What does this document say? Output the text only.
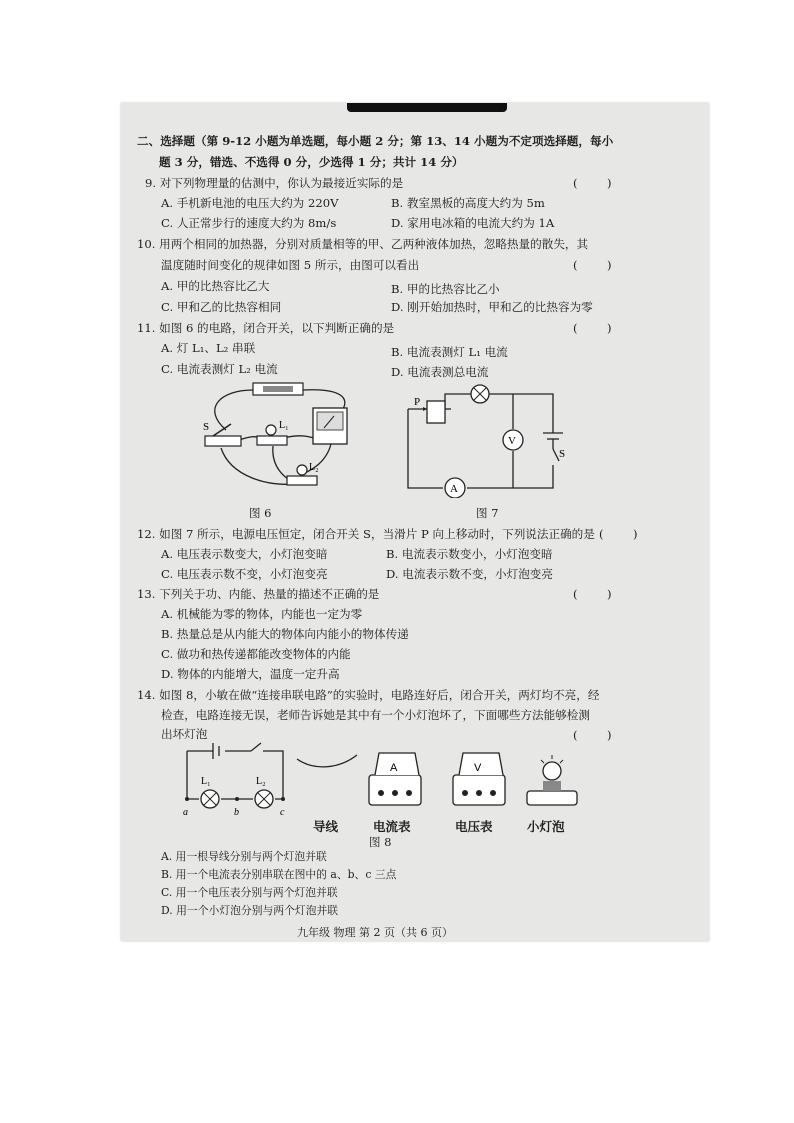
二、选择题（第 9-12 小题为单选题，每小题 2 分；第 13、14 小题为不定项选择题，每小
题 3 分，错选、不选得 0 分，少选得 1 分；共计 14 分）
9. 对下列物理量的估测中，你认为最接近实际的是	(        )
A. 手机新电池的电压大约为 220V	B. 教室黑板的高度大约为 5m
C. 人正常步行的速度大约为 8m/s	D. 家用电冰箱的电流大约为 1A
10. 用两个相同的加热器，分别对质量相等的甲、乙两种液体加热，忽略热量的散失，其
温度随时间变化的规律如图 5 所示，由图可以看出	(        )
A. 甲的比热容比乙大	B. 甲的比热容比乙小
C. 甲和乙的比热容相同	D. 刚开始加热时，甲和乙的比热容为零
11. 如图 6 的电路，闭合开关，以下判断正确的是	(        )
A. 灯 L₁、L₂ 串联	B. 电流表测灯 L₁ 电流
C. 电流表测灯 L₂ 电流	D. 电流表测总电流
S	L₁
L₂
图 6
P
V
A
S
图 7
12. 如图 7 所示，电源电压恒定，闭合开关 S，当滑片 P 向上移动时，下列说法正确的是 (        )
A. 电压表示数变大，小灯泡变暗	B. 电流表示数变小，小灯泡变暗
C. 电压表示数不变，小灯泡变亮	D. 电流表示数不变，小灯泡变亮
13. 下列关于功、内能、热量的描述不正确的是	(        )
A. 机械能为零的物体，内能也一定为零
B. 热量总是从内能大的物体向内能小的物体传递
C. 做功和热传递都能改变物体的内能
D. 物体的内能增大，温度一定升高
14. 如图 8，小敏在做“连接串联电路”的实验时，电路连好后，闭合开关，两灯均不亮，经
检查，电路连接无误，老师告诉她是其中有一个小灯泡坏了，下面哪些方法能够检测
出坏灯泡	(        )
L₁	L₂
a	b	c
A	V
导线	电流表	电压表	小灯泡
图 8
A. 用一根导线分别与两个灯泡并联
B. 用一个电流表分别串联在图中的 a、b、c 三点
C. 用一个电压表分别与两个灯泡并联
D. 用一个小灯泡分别与两个灯泡并联
九年级 物理 第 2 页（共 6 页）
